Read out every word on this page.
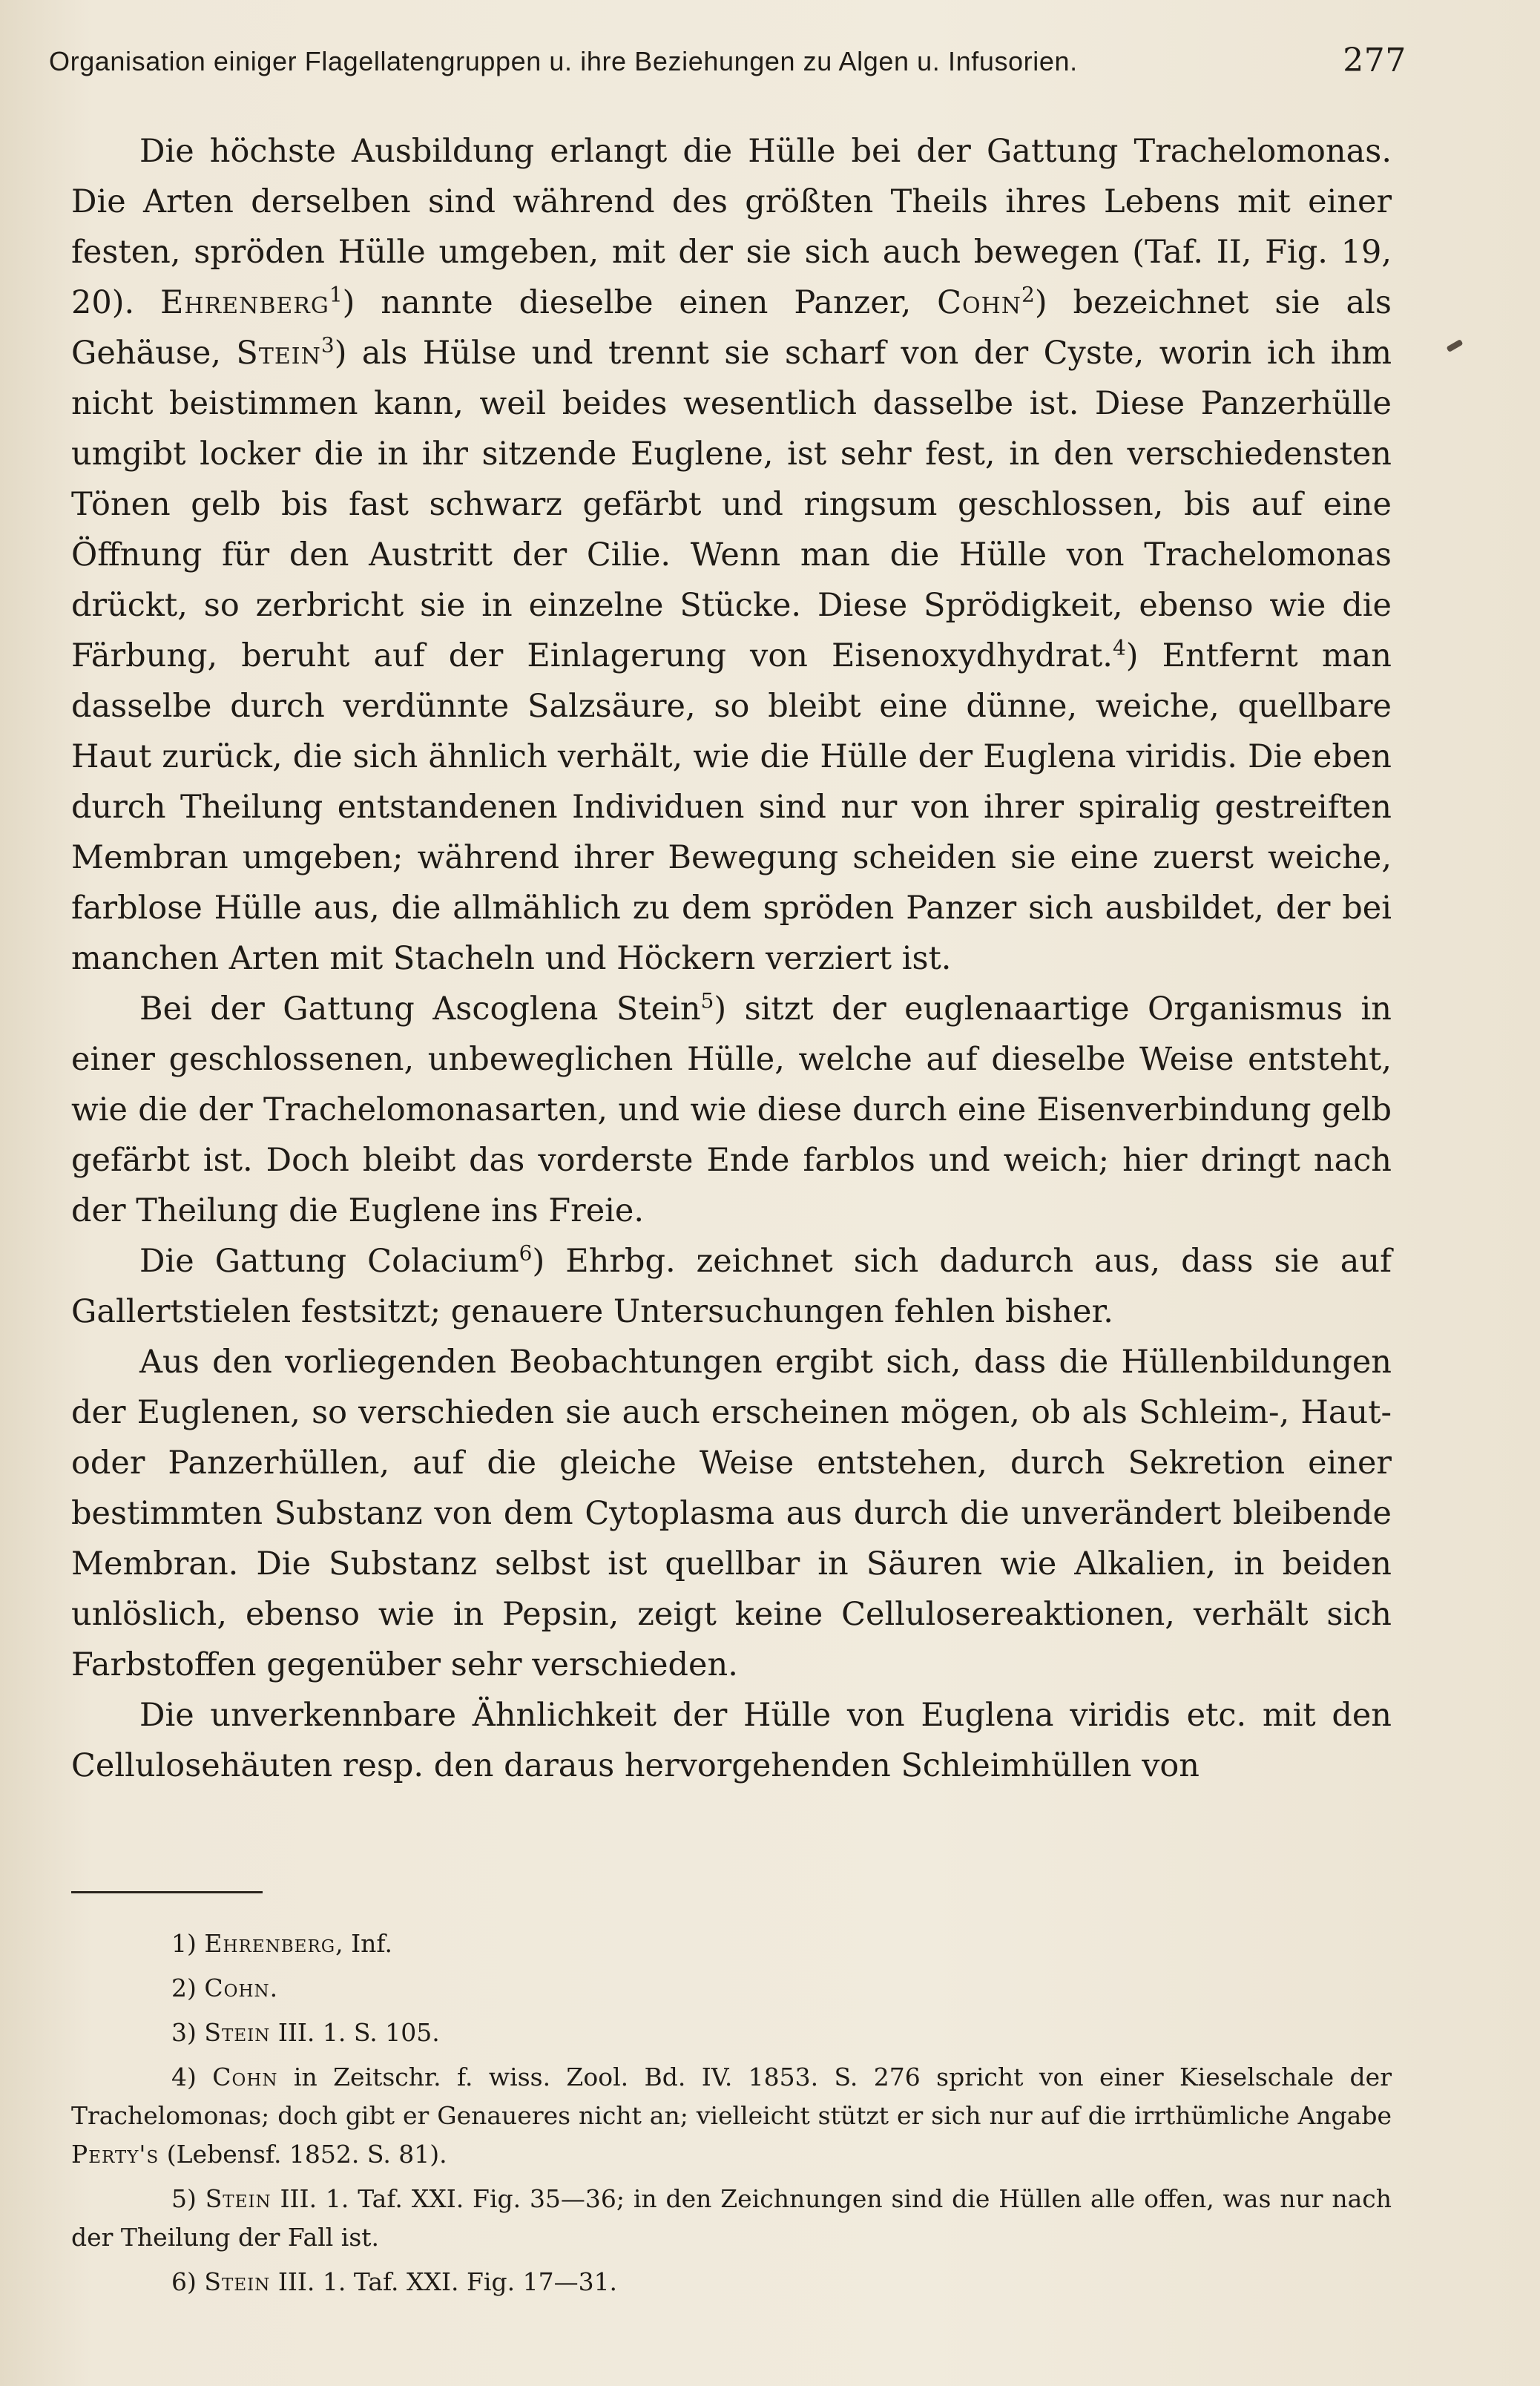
Organisation einiger Flagellatengruppen u. ihre Beziehungen zu Algen u. Infusorien.	277

Die höchste Ausbildung erlangt die Hülle bei der Gattung Trachelomonas. Die Arten derselben sind während des größten Theils ihres Lebens mit einer festen, spröden Hülle umgeben, mit der sie sich auch bewegen (Taf. II, Fig. 19, 20). Ehrenberg$^1$) nannte dieselbe einen Panzer, Cohn$^2$) bezeichnet sie als Gehäuse, Stein$^3$) als Hülse und trennt sie scharf von der Cyste, worin ich ihm nicht beistimmen kann, weil beides wesentlich dasselbe ist. Diese Panzerhülle umgibt locker die in ihr sitzende Euglene, ist sehr fest, in den verschiedensten Tönen gelb bis fast schwarz gefärbt und ringsum geschlossen, bis auf eine Öffnung für den Austritt der Cilie. Wenn man die Hülle von Trachelomonas drückt, so zerbricht sie in einzelne Stücke. Diese Sprödigkeit, ebenso wie die Färbung, beruht auf der Einlagerung von Eisenoxydhydrat.$^4$) Entfernt man dasselbe durch verdünnte Salzsäure, so bleibt eine dünne, weiche, quellbare Haut zurück, die sich ähnlich verhält, wie die Hülle der Euglena viridis. Die eben durch Theilung entstandenen Individuen sind nur von ihrer spiralig gestreiften Membran umgeben; während ihrer Bewegung scheiden sie eine zuerst weiche, farblose Hülle aus, die allmählich zu dem spröden Panzer sich ausbildet, der bei manchen Arten mit Stacheln und Höckern verziert ist.

Bei der Gattung Ascoglena Stein$^5$) sitzt der euglenaartige Organismus in einer geschlossenen, unbeweglichen Hülle, welche auf dieselbe Weise entsteht, wie die der Trachelomonasarten, und wie diese durch eine Eisenverbindung gelb gefärbt ist. Doch bleibt das vorderste Ende farblos und weich; hier dringt nach der Theilung die Euglene ins Freie.

Die Gattung Colacium$^6$) Ehrbg. zeichnet sich dadurch aus, dass sie auf Gallertstielen festsitzt; genauere Untersuchungen fehlen bisher.

Aus den vorliegenden Beobachtungen ergibt sich, dass die Hüllenbildungen der Euglenen, so verschieden sie auch erscheinen mögen, ob als Schleim-, Haut- oder Panzerhüllen, auf die gleiche Weise entstehen, durch Sekretion einer bestimmten Substanz von dem Cytoplasma aus durch die unverändert bleibende Membran. Die Substanz selbst ist quellbar in Säuren wie Alkalien, in beiden unlöslich, ebenso wie in Pepsin, zeigt keine Cellulosereaktionen, verhält sich Farbstoffen gegenüber sehr verschieden.

Die unverkennbare Ähnlichkeit der Hülle von Euglena viridis etc. mit den Cellulosehäuten resp. den daraus hervorgehenden Schleimhüllen von

1) Ehrenberg, Inf.
2) Cohn.
3) Stein III. 1. S. 105.
4) Cohn in Zeitschr. f. wiss. Zool. Bd. IV. 1853. S. 276 spricht von einer Kieselschale der Trachelomonas; doch gibt er Genaueres nicht an; vielleicht stützt er sich nur auf die irrthümliche Angabe Perty's (Lebensf. 1852. S. 81).
5) Stein III. 1. Taf. XXI. Fig. 35—36; in den Zeichnungen sind die Hüllen alle offen, was nur nach der Theilung der Fall ist.
6) Stein III. 1. Taf. XXI. Fig. 17—31.
